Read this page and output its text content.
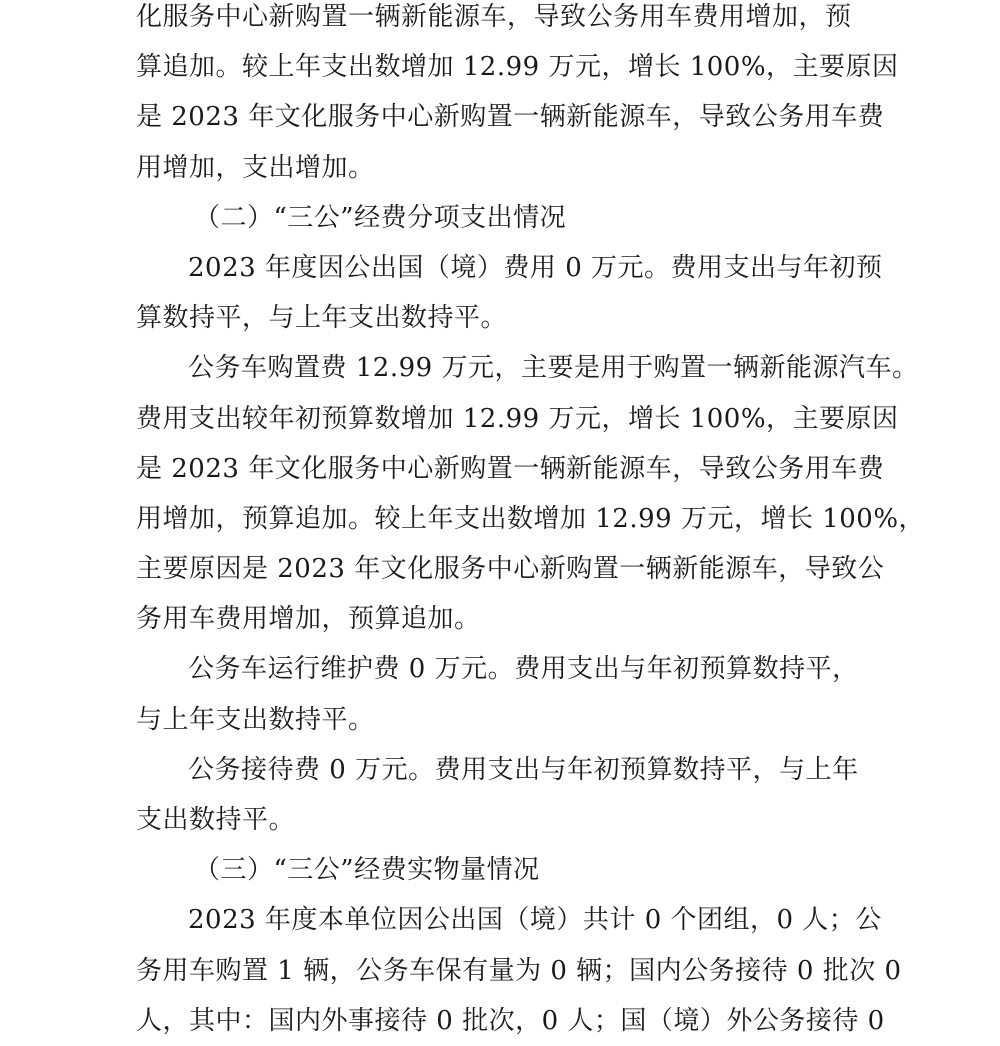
化服务中心新购置一辆新能源车，导致公务用车费用增加，预
算追加。较上年支出数增加 12.99 万元，增长 100%，主要原因
是 2023 年文化服务中心新购置一辆新能源车，导致公务用车费
用增加，支出增加。
（二）“三公”经费分项支出情况
2023 年度因公出国（境）费用 0 万元。费用支出与年初预
算数持平，与上年支出数持平。
公务车购置费 12.99 万元，主要是用于购置一辆新能源汽车。
费用支出较年初预算数增加 12.99 万元，增长 100%，主要原因
是 2023 年文化服务中心新购置一辆新能源车，导致公务用车费
用增加，预算追加。较上年支出数增加 12.99 万元，增长 100%，
主要原因是 2023 年文化服务中心新购置一辆新能源车，导致公
务用车费用增加，预算追加。
公务车运行维护费 0 万元。费用支出与年初预算数持平，
与上年支出数持平。
公务接待费 0 万元。费用支出与年初预算数持平，与上年
支出数持平。
（三）“三公”经费实物量情况
2023 年度本单位因公出国（境）共计 0 个团组，0 人；公
务用车购置 1 辆，公务车保有量为 0 辆；国内公务接待 0 批次 0
人，其中：国内外事接待 0 批次，0 人；国（境）外公务接待 0
